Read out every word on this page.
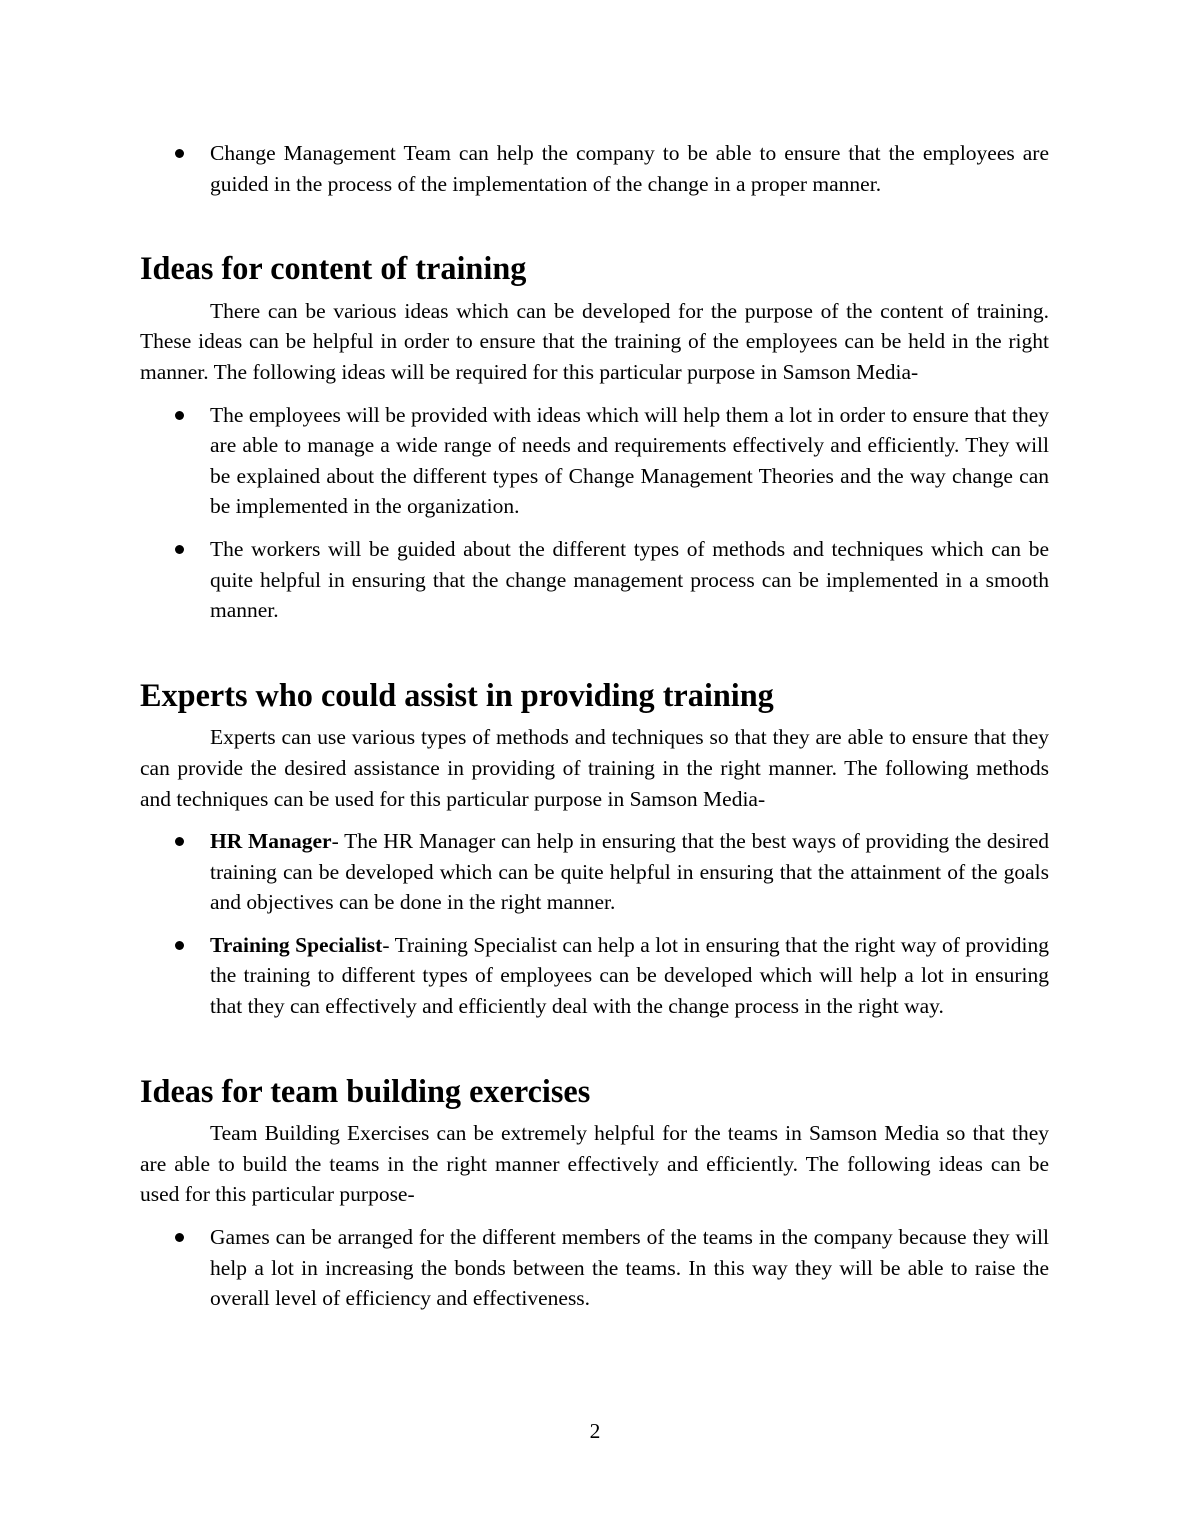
Change Management Team can help the company to be able to ensure that the employees are guided in the process of the implementation of the change in a proper manner.
Ideas for content of training

There can be various ideas which can be developed for the purpose of the content of training. These ideas can be helpful in order to ensure that the training of the employees can be held in the right manner. The following ideas will be required for this particular purpose in Samson Media-

The employees will be provided with ideas which will help them a lot in order to ensure that they are able to manage a wide range of needs and requirements effectively and efficiently. They will be explained about the different types of Change Management Theories and the way change can be implemented in the organization.
The workers will be guided about the different types of methods and techniques which can be quite helpful in ensuring that the change management process can be implemented in a smooth manner.
Experts who could assist in providing training

Experts can use various types of methods and techniques so that they are able to ensure that they can provide the desired assistance in providing of training in the right manner. The following methods and techniques can be used for this particular purpose in Samson Media-

HR Manager- The HR Manager can help in ensuring that the best ways of providing the desired training can be developed which can be quite helpful in ensuring that the attainment of the goals and objectives can be done in the right manner.
Training Specialist- Training Specialist can help a lot in ensuring that the right way of providing the training to different types of employees can be developed which will help a lot in ensuring that they can effectively and efficiently deal with the change process in the right way.
Ideas for team building exercises

Team Building Exercises can be extremely helpful for the teams in Samson Media so that they are able to build the teams in the right manner effectively and efficiently. The following ideas can be used for this particular purpose-

Games can be arranged for the different members of the teams in the company because they will help a lot in increasing the bonds between the teams. In this way they will be able to raise the overall level of efficiency and effectiveness.
2
